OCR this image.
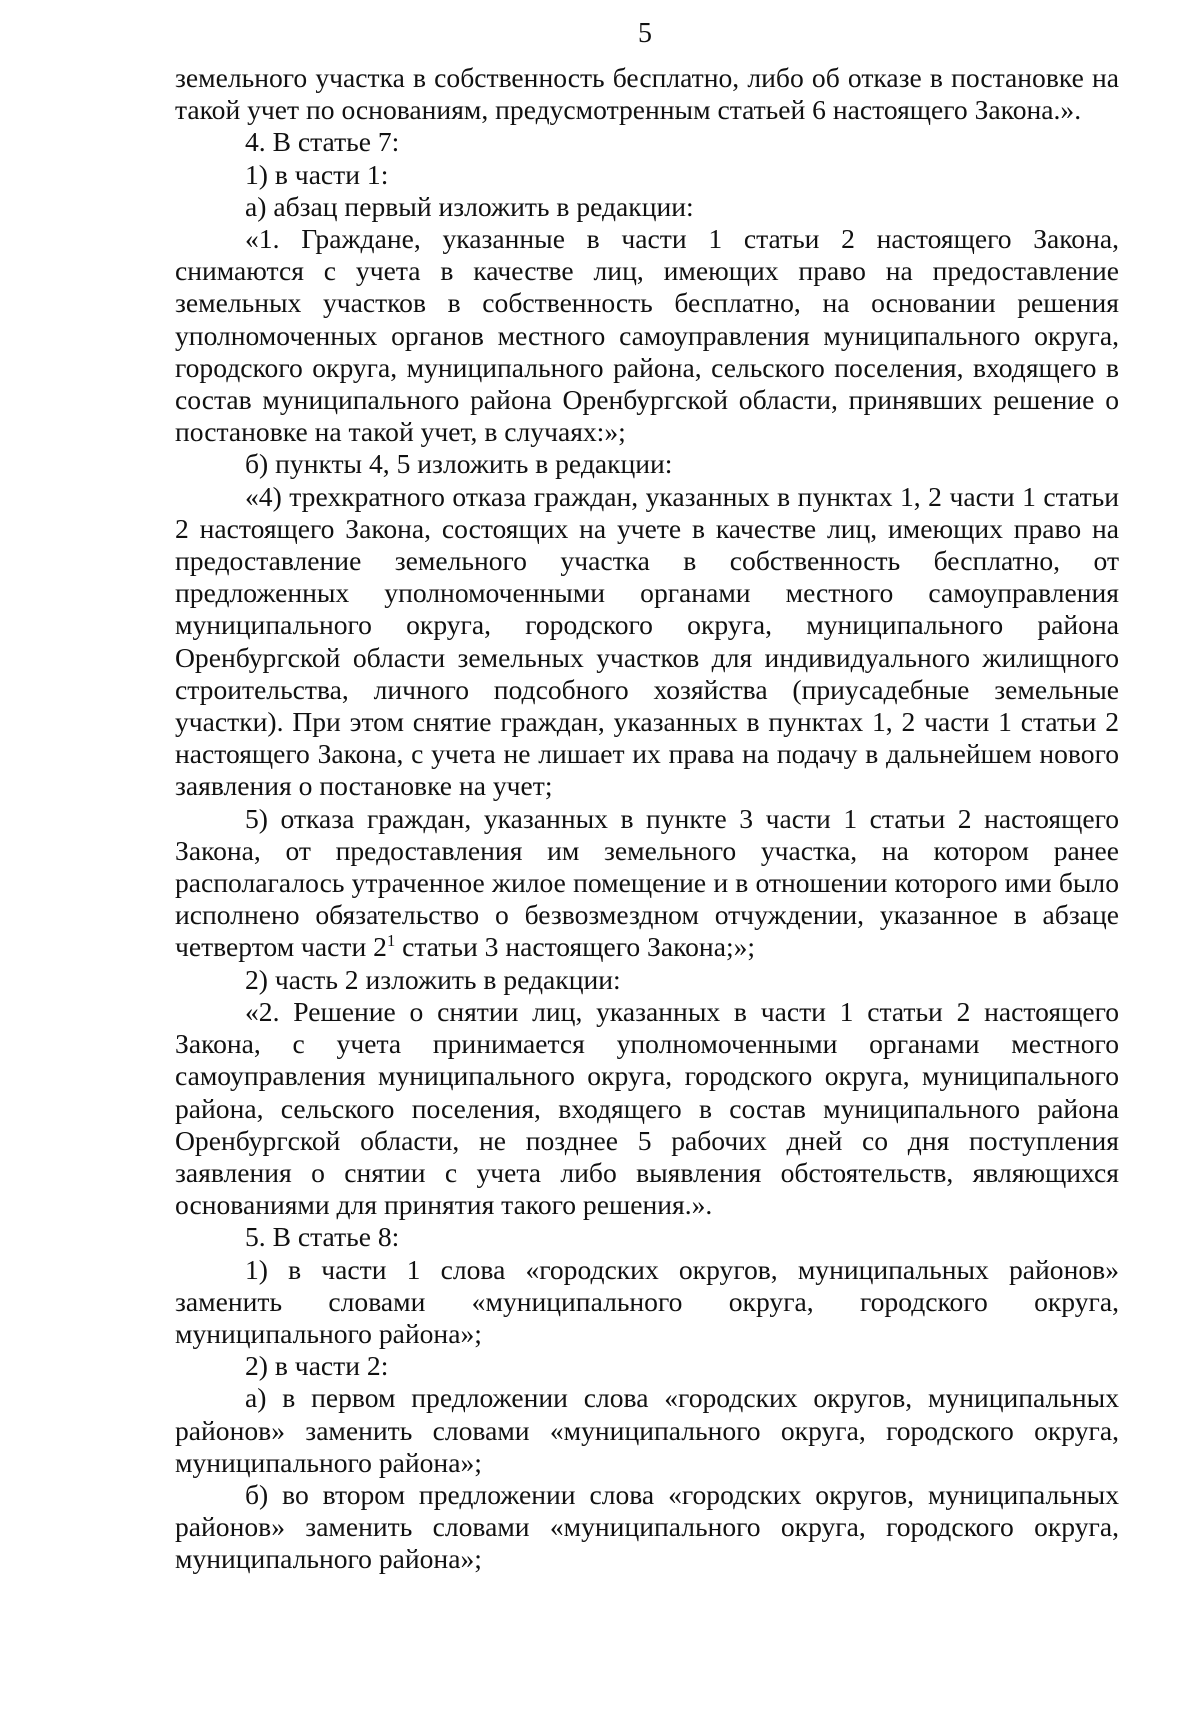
5
земельного участка в собственность бесплатно, либо об отказе в постановке на
такой учет по основаниям, предусмотренным статьей 6 настоящего Закона.».

4. В статье 7:

1) в части 1:

а) абзац первый изложить в редакции:

«1. Граждане, указанные в части 1 статьи 2 настоящего Закона, снимаются с учета в качестве лиц, имеющих право на предоставление земельных участков в собственность бесплатно, на основании решения уполномоченных органов местного самоуправления муниципального округа, городского округа, муниципального района, сельского поселения, входящего в состав муниципального района Оренбургской области, принявших решение о постановке на такой учет, в случаях:»;

б) пункты 4, 5 изложить в редакции:

«4) трехкратного отказа граждан, указанных в пунктах 1, 2 части 1 статьи 2 настоящего Закона, состоящих на учете в качестве лиц, имеющих право на предоставление земельного участка в собственность бесплатно, от предложенных уполномоченными органами местного самоуправления муниципального округа, городского округа, муниципального района Оренбургской области земельных участков для индивидуального жилищного строительства, личного подсобного хозяйства (приусадебные земельные участки). При этом снятие граждан, указанных в пунктах 1, 2 части 1 статьи 2 настоящего Закона, с учета не лишает их права на подачу в дальнейшем нового заявления о постановке на учет;

5) отказа граждан, указанных в пункте 3 части 1 статьи 2 настоящего Закона, от предоставления им земельного участка, на котором ранее располагалось утраченное жилое помещение и в отношении которого ими было исполнено обязательство о безвозмездном отчуждении, указанное в абзаце четвертом части $2^1$ статьи 3 настоящего Закона;»;

2) часть 2 изложить в редакции:

«2. Решение о снятии лиц, указанных в части 1 статьи 2 настоящего Закона, с учета принимается уполномоченными органами местного самоуправления муниципального округа, городского округа, муниципального района, сельского поселения, входящего в состав муниципального района Оренбургской области, не позднее 5 рабочих дней со дня поступления заявления о снятии с учета либо выявления обстоятельств, являющихся основаниями для принятия такого решения.».

5. В статье 8:

1) в части 1 слова «городских округов, муниципальных районов» заменить словами «муниципального округа, городского округа, муниципального района»;

2) в части 2:

а) в первом предложении слова «городских округов, муниципальных районов» заменить словами «муниципального округа, городского округа, муниципального района»;

б) во втором предложении слова «городских округов, муниципальных районов» заменить словами «муниципального округа, городского округа, муниципального района»;
